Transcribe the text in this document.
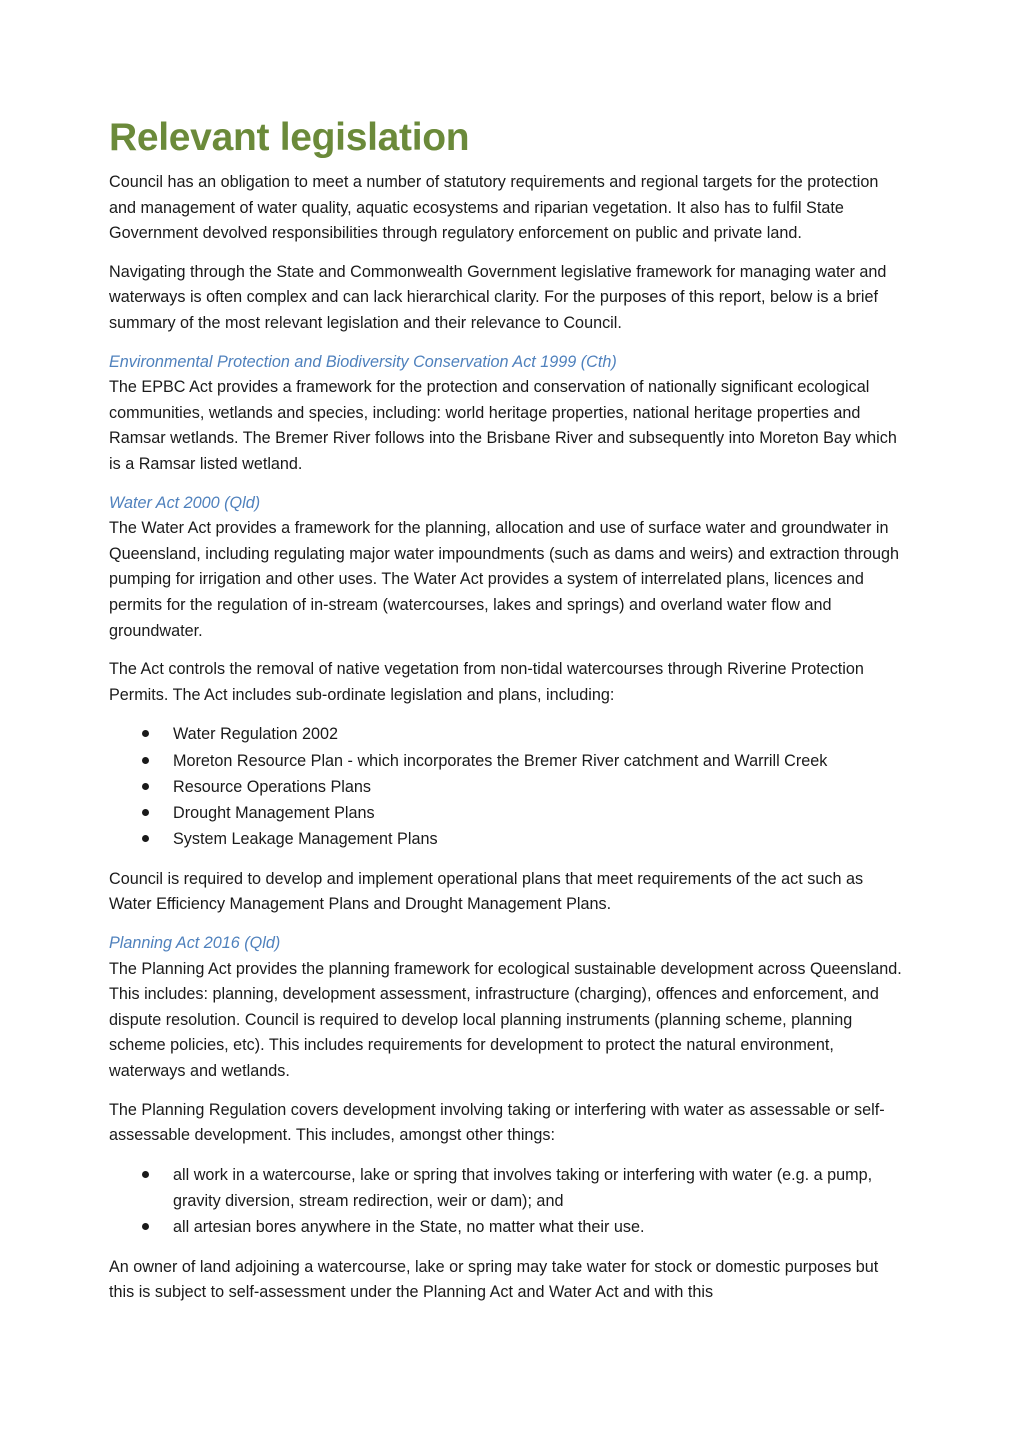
Relevant legislation

Council has an obligation to meet a number of statutory requirements and regional targets for the protection and management of water quality, aquatic ecosystems and riparian vegetation. It also has to fulfil State Government devolved responsibilities through regulatory enforcement on public and private land.

Navigating through the State and Commonwealth Government legislative framework for managing water and waterways is often complex and can lack hierarchical clarity. For the purposes of this report, below is a brief summary of the most relevant legislation and their relevance to Council.

Environmental Protection and Biodiversity Conservation Act 1999 (Cth)

The EPBC Act provides a framework for the protection and conservation of nationally significant ecological communities, wetlands and species, including: world heritage properties, national heritage properties and Ramsar wetlands. The Bremer River follows into the Brisbane River and subsequently into Moreton Bay which is a Ramsar listed wetland.

Water Act 2000 (Qld)

The Water Act provides a framework for the planning, allocation and use of surface water and groundwater in Queensland, including regulating major water impoundments (such as dams and weirs) and extraction through pumping for irrigation and other uses. The Water Act provides a system of interrelated plans, licences and permits for the regulation of in-stream (watercourses, lakes and springs) and overland water flow and groundwater.

The Act controls the removal of native vegetation from non-tidal watercourses through Riverine Protection Permits. The Act includes sub-ordinate legislation and plans, including:

Water Regulation 2002
Moreton Resource Plan - which incorporates the Bremer River catchment and Warrill Creek
Resource Operations Plans
Drought Management Plans
System Leakage Management Plans

Council is required to develop and implement operational plans that meet requirements of the act such as Water Efficiency Management Plans and Drought Management Plans.

Planning Act 2016 (Qld)

The Planning Act provides the planning framework for ecological sustainable development across Queensland. This includes: planning, development assessment, infrastructure (charging), offences and enforcement, and dispute resolution. Council is required to develop local planning instruments (planning scheme, planning scheme policies, etc). This includes requirements for development to protect the natural environment, waterways and wetlands.

The Planning Regulation covers development involving taking or interfering with water as assessable or self-assessable development. This includes, amongst other things:

all work in a watercourse, lake or spring that involves taking or interfering with water (e.g. a pump, gravity diversion, stream redirection, weir or dam); and
all artesian bores anywhere in the State, no matter what their use.

An owner of land adjoining a watercourse, lake or spring may take water for stock or domestic purposes but this is subject to self-assessment under the Planning Act and Water Act and with this
